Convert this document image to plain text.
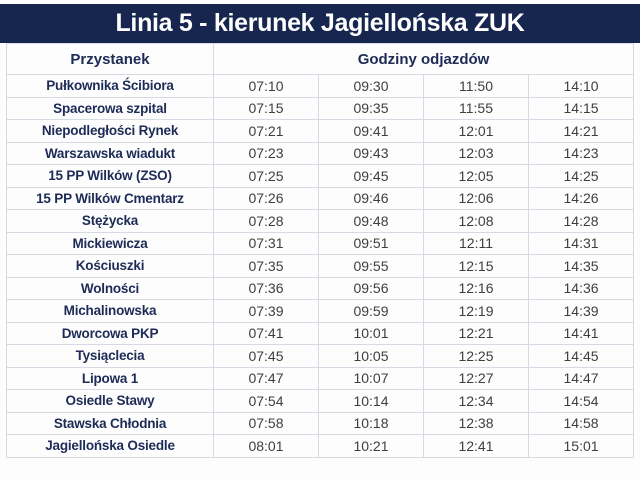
Linia 5 - kierunek Jagiellońska ZUK
Przystanek	Godziny odjazdów			
Pułkownika Ścibiora	07:10	09:30	11:50	14:10
Spacerowa szpital	07:15	09:35	11:55	14:15
Niepodległości Rynek	07:21	09:41	12:01	14:21
Warszawska wiadukt	07:23	09:43	12:03	14:23
15 PP Wilków (ZSO)	07:25	09:45	12:05	14:25
15 PP Wilków Cmentarz	07:26	09:46	12:06	14:26
Stężycka	07:28	09:48	12:08	14:28
Mickiewicza	07:31	09:51	12:11	14:31
Kościuszki	07:35	09:55	12:15	14:35
Wolności	07:36	09:56	12:16	14:36
Michalinowska	07:39	09:59	12:19	14:39
Dworcowa PKP	07:41	10:01	12:21	14:41
Tysiąclecia	07:45	10:05	12:25	14:45
Lipowa 1	07:47	10:07	12:27	14:47
Osiedle Stawy	07:54	10:14	12:34	14:54
Stawska Chłodnia	07:58	10:18	12:38	14:58
Jagiellońska Osiedle	08:01	10:21	12:41	15:01
